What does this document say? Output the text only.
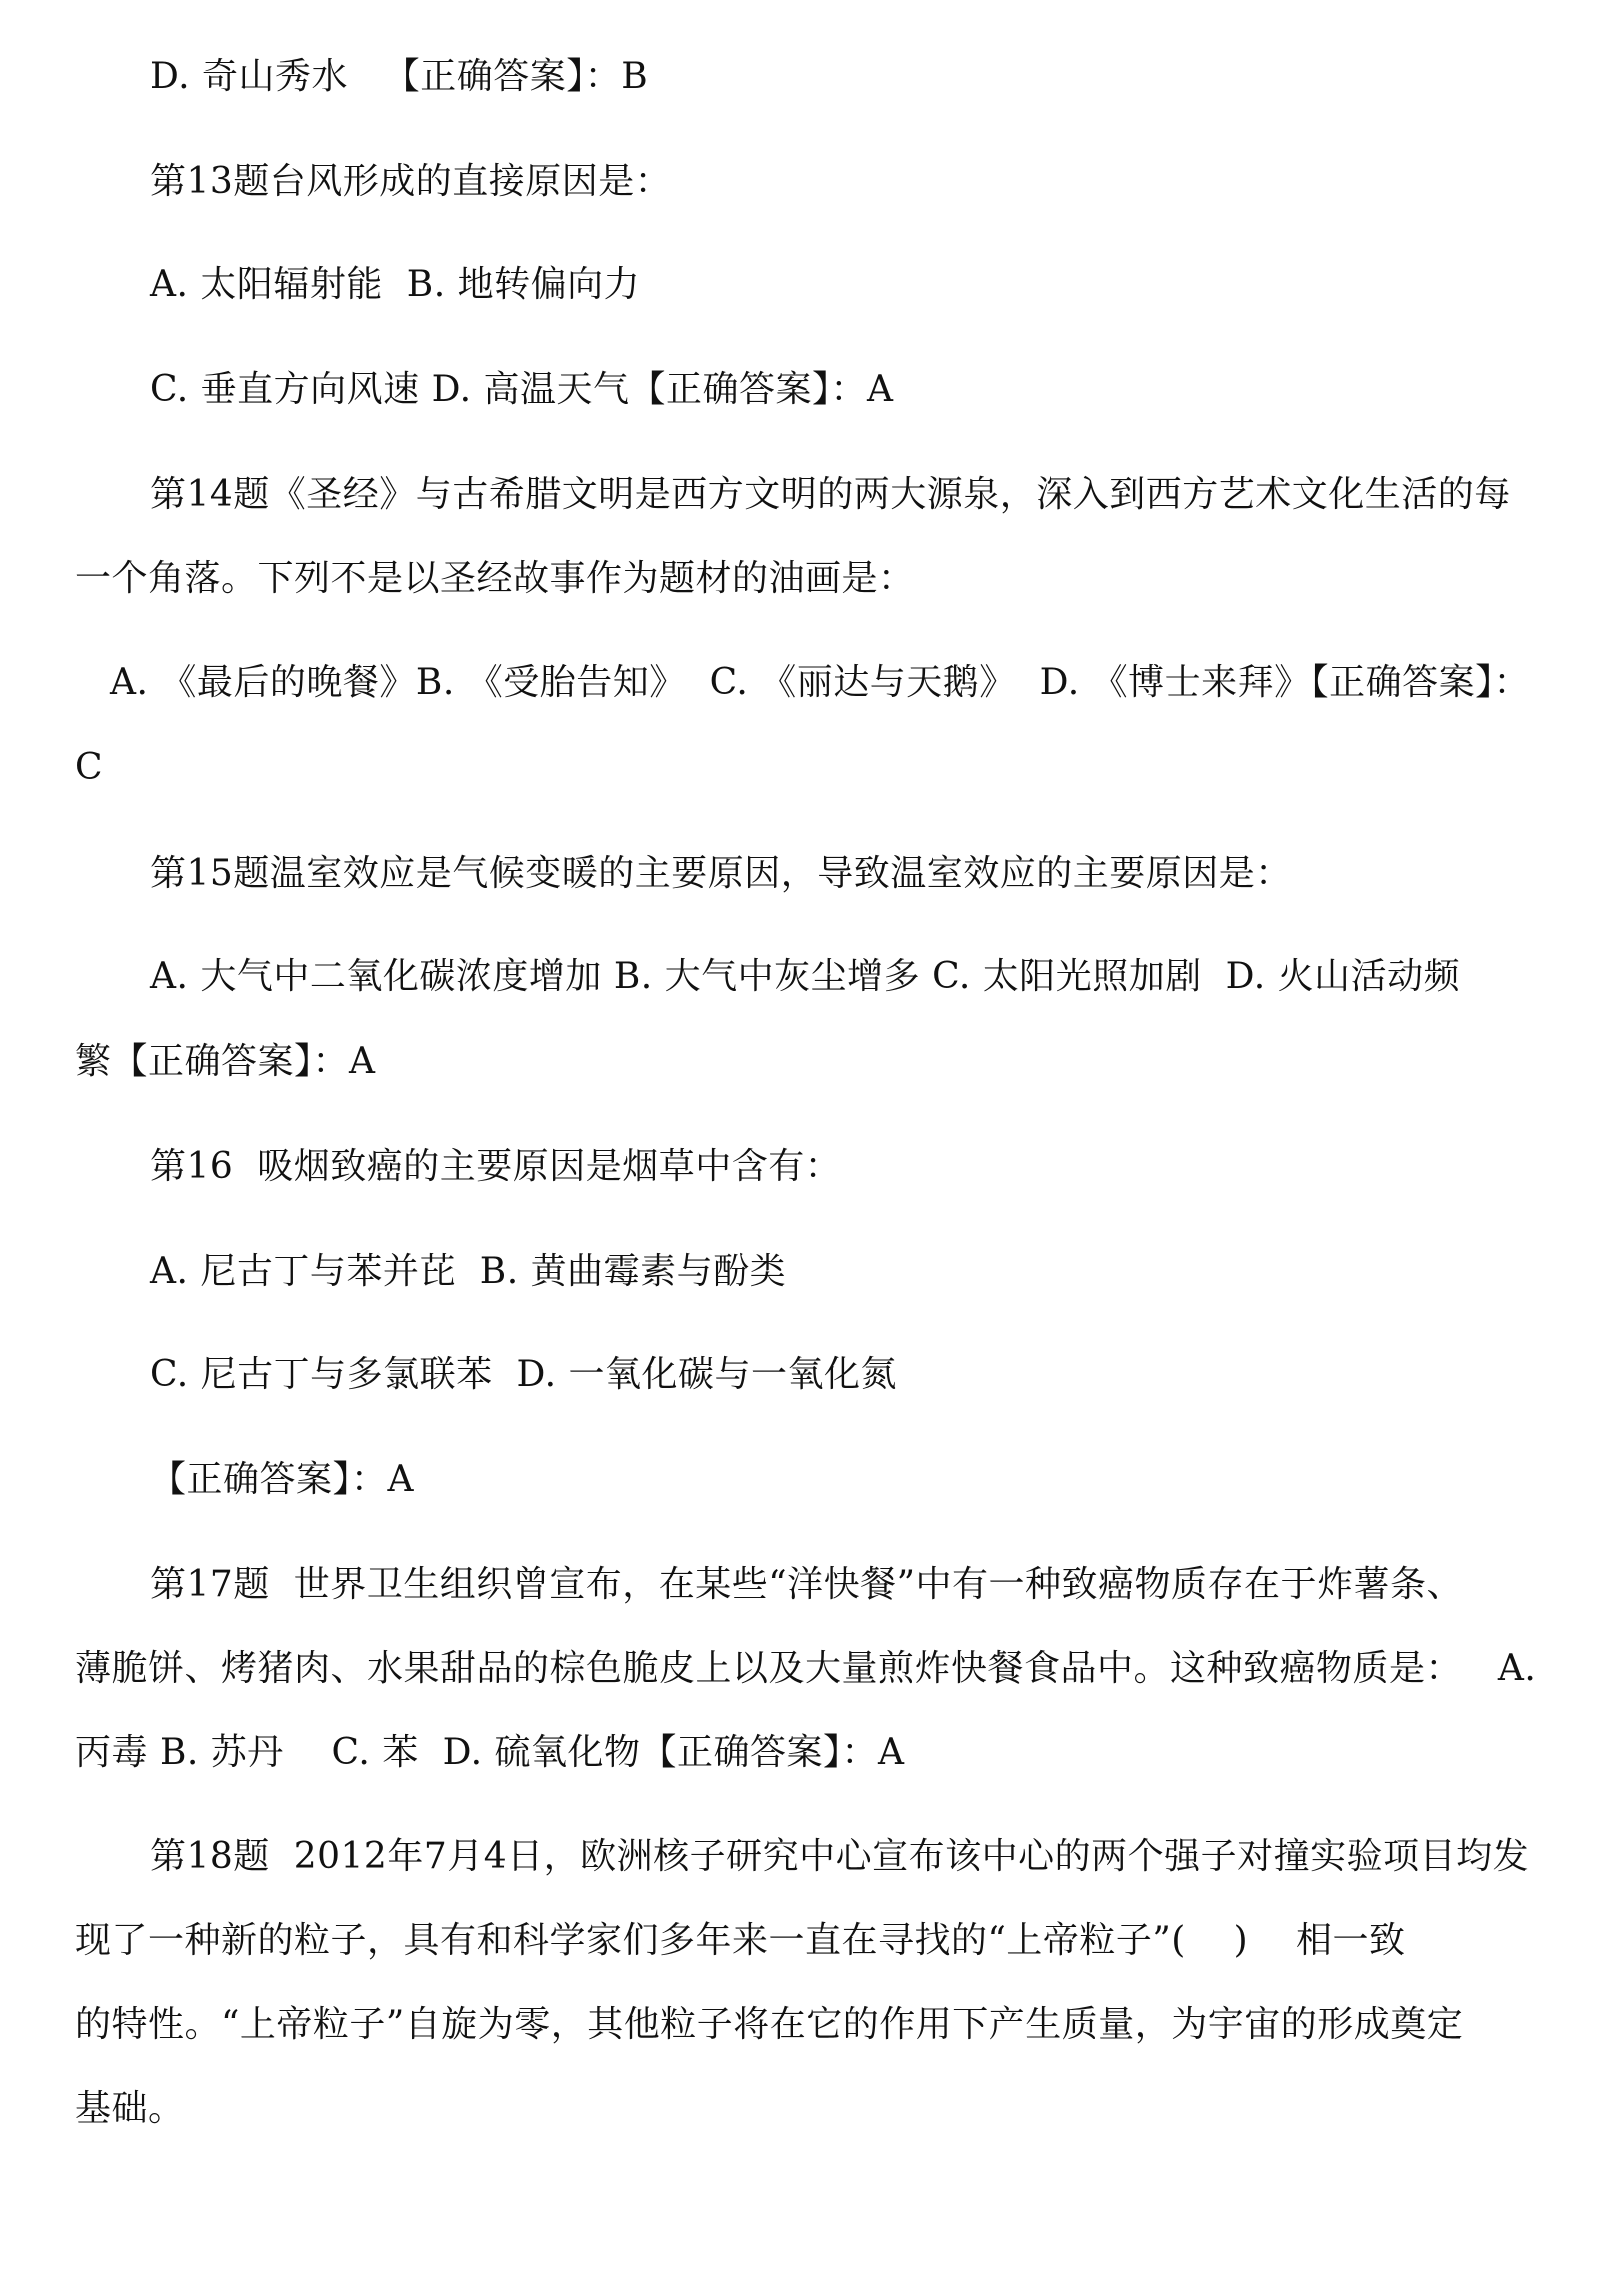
D. 奇山秀水   【正确答案】：B
第13题台风形成的直接原因是：
A. 太阳辐射能  B. 地转偏向力
C. 垂直方向风速 D. 高温天气【正确答案】：A
第14题《圣经》与古希腊文明是西方文明的两大源泉，深入到西方艺术文化生活的每
一个角落。下列不是以圣经故事作为题材的油画是：
A. 《最后的晚餐》B. 《受胎告知》  C. 《丽达与天鹅》  D. 《博士来拜》【正确答案】：
C
第15题温室效应是气候变暖的主要原因，导致温室效应的主要原因是：
A. 大气中二氧化碳浓度增加 B. 大气中灰尘增多 C. 太阳光照加剧  D. 火山活动频
繁【正确答案】：A
第16  吸烟致癌的主要原因是烟草中含有：
A. 尼古丁与苯并芘  B. 黄曲霉素与酚类
C. 尼古丁与多氯联苯  D. 一氧化碳与一氧化氮
【正确答案】：A
第17题  世界卫生组织曾宣布，在某些“洋快餐”中有一种致癌物质存在于炸薯条、
薄脆饼、烤猪肉、水果甜品的棕色脆皮上以及大量煎炸快餐食品中。这种致癌物质是：   A.
丙毒 B. 苏丹    C. 苯  D. 硫氧化物【正确答案】：A
第18题  2012年7月4日，欧洲核子研究中心宣布该中心的两个强子对撞实验项目均发
现了一种新的粒子，具有和科学家们多年来一直在寻找的“上帝粒子”(    )    相一致
的特性。“上帝粒子”自旋为零，其他粒子将在它的作用下产生质量，为宇宙的形成奠定
基础。
